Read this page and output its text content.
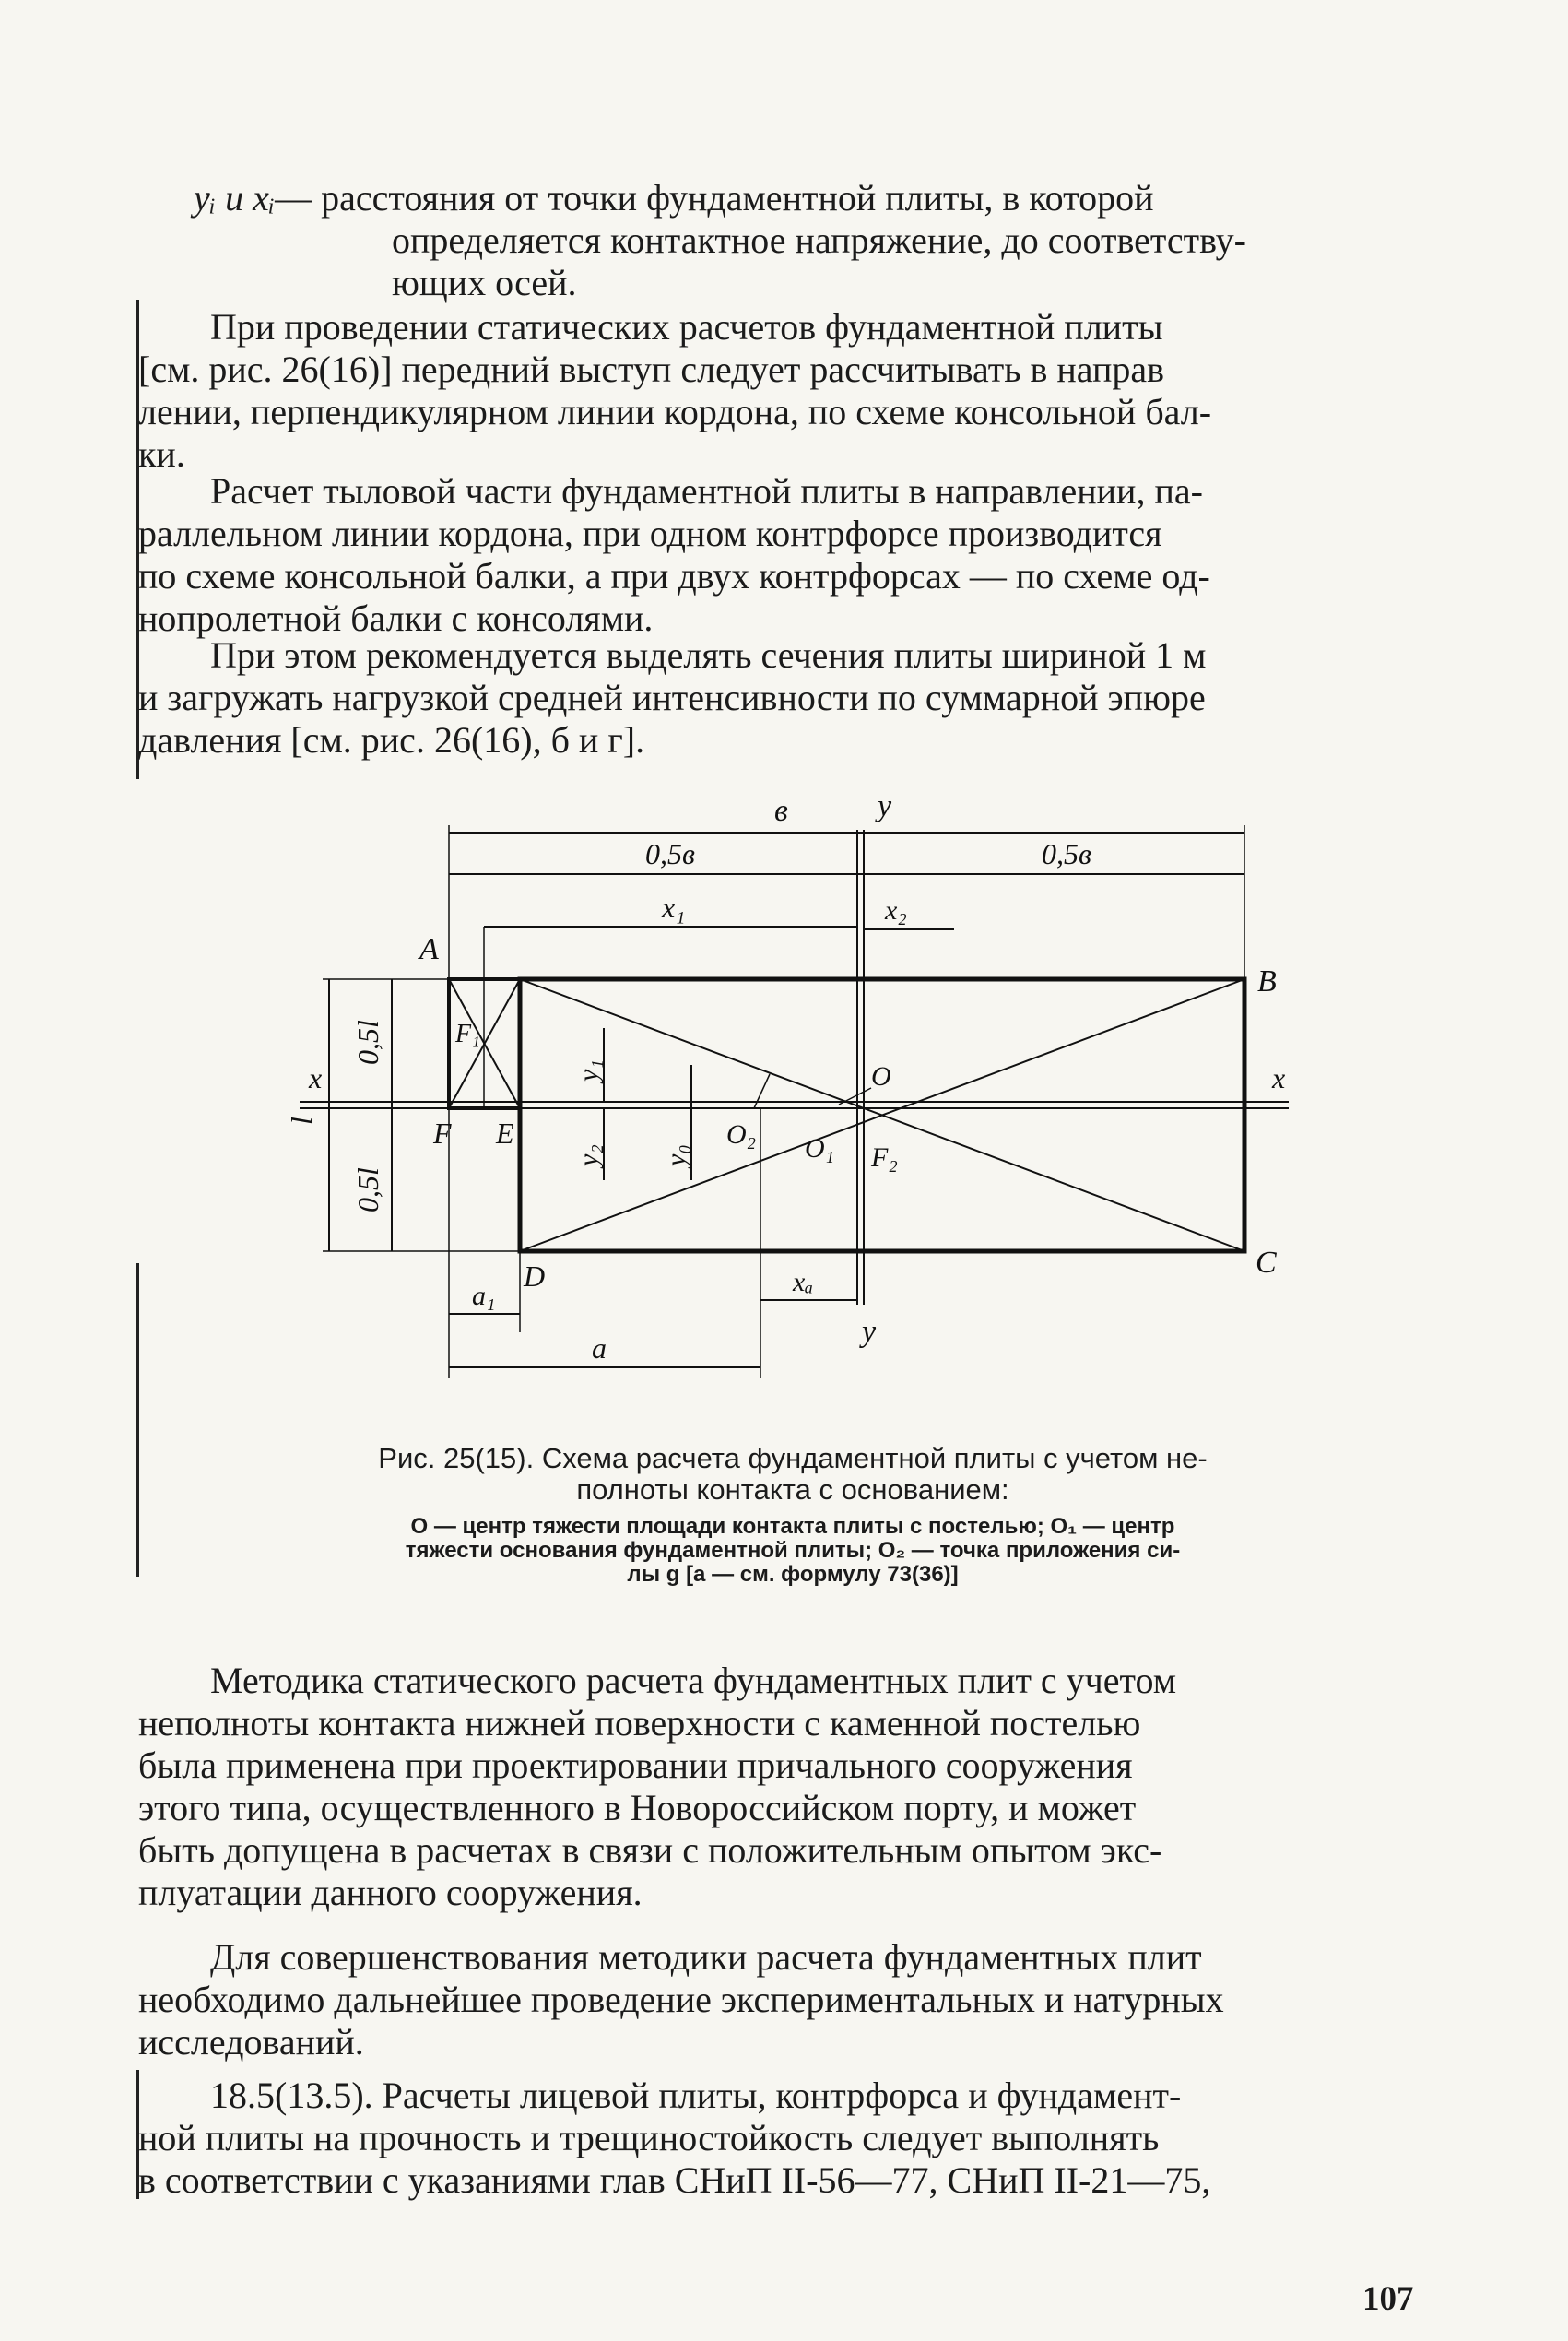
yᵢ и xᵢ— расстояния от точки фундаментной плиты, в которой
определяется контактное напряжение, до соответству-
ющих осей.
При проведении статических расчетов фундаментной плиты
[см. рис. 26(16)] передний выступ следует рассчитывать в направ
лении, перпендикулярном линии кордона, по схеме консольной бал-
ки.
Расчет тыловой части фундаментной плиты в направлении, па-
раллельном линии кордона, при одном контрфорсе производится
по схеме консольной балки, а при двух контрфорсах — по схеме од-
нопролетной балки с консолями.
При этом рекомендуется выделять сечения плиты шириной 1 м
и загружать нагрузкой средней интенсивности по суммарной эпюре
давления [см. рис. 26(16), б и г].
в
0,5в	0,5в
x₁	x₂
y
y
A
B
C
D
F E
F₁
F₂
O
O₁
O₂
x	x
l
0,5l
0,5l
y₁
y₂ y₀
a₁
a
xₐ
Рис. 25(15). Схема расчета фундаментной плиты с учетом не-
полноты контакта с основанием:
O — центр тяжести площади контакта плиты с постелью; O₁ — центр
тяжести основания фундаментной плиты; O₂ — точка приложения си-
лы g [a — см. формулу 73(36)]
Методика статического расчета фундаментных плит с учетом
неполноты контакта нижней поверхности с каменной постелью
была применена при проектировании причального сооружения
этого типа, осуществленного в Новороссийском порту, и может
быть допущена в расчетах в связи с положительным опытом экс-
плуатации данного сооружения.
Для совершенствования методики расчета фундаментных плит
необходимо дальнейшее проведение экспериментальных и натурных
исследований.
18.5(13.5). Расчеты лицевой плиты, контрфорса и фундамент-
ной плиты на прочность и трещиностойкость следует выполнять
в соответствии с указаниями глав СНиП II-56—77, СНиП II-21—75,
107
